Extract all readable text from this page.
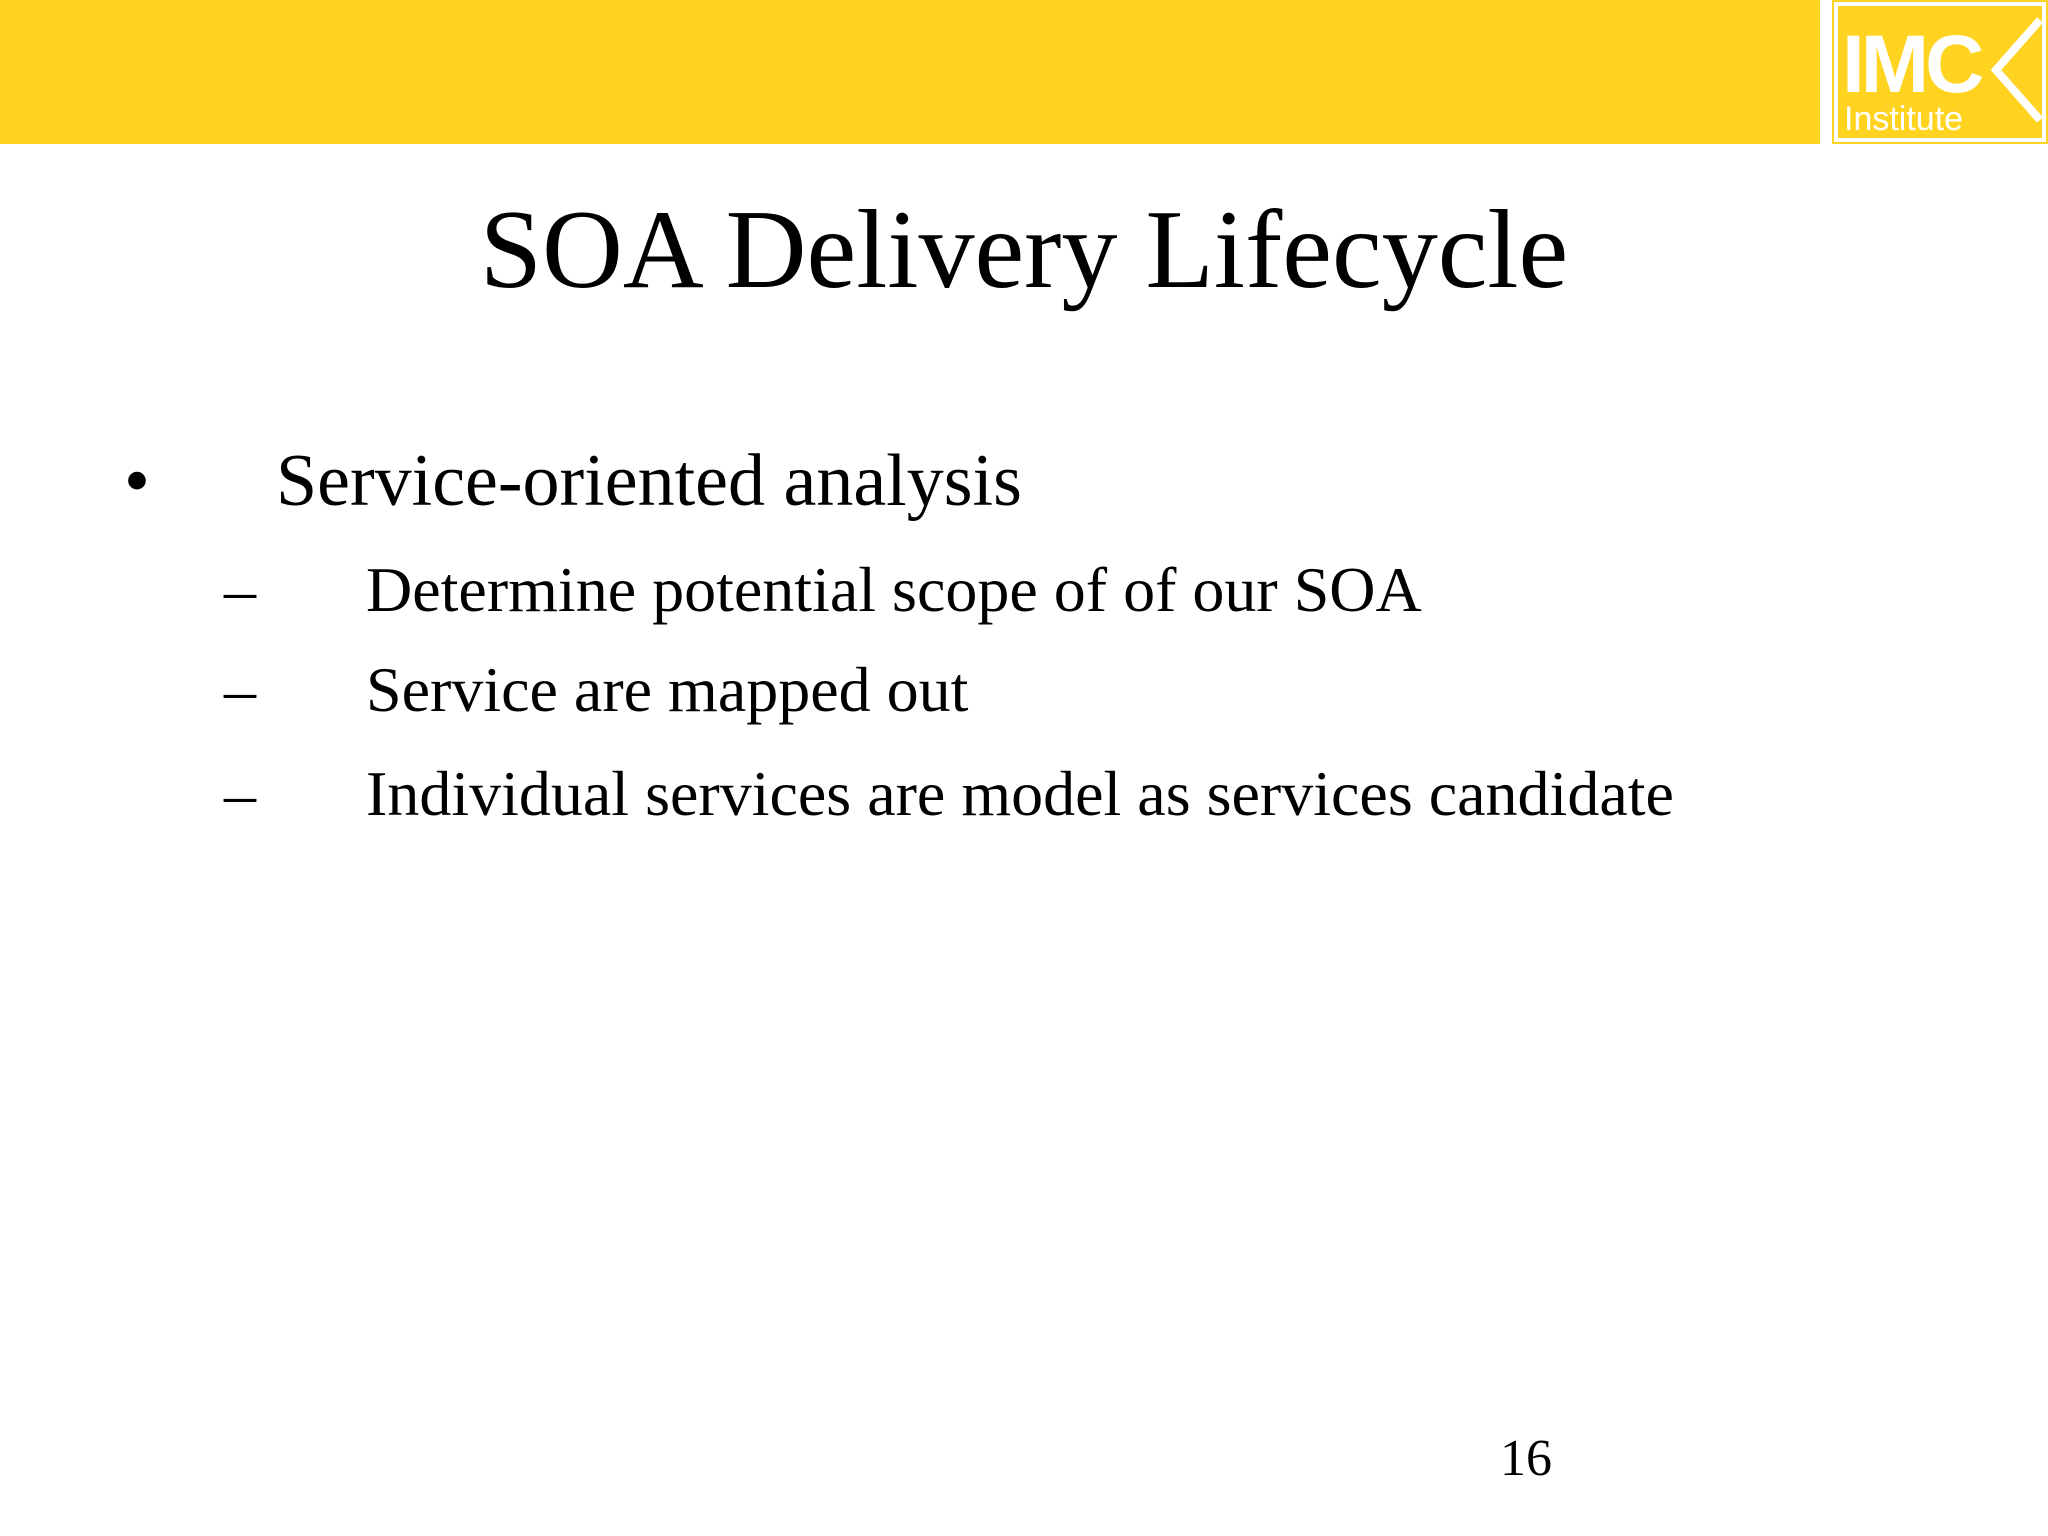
IMC
Institute
SOA Delivery Lifecycle
• Service-oriented analysis
– Determine potential scope of of our SOA
– Service are mapped out
– Individual services are model as services candidate
16
